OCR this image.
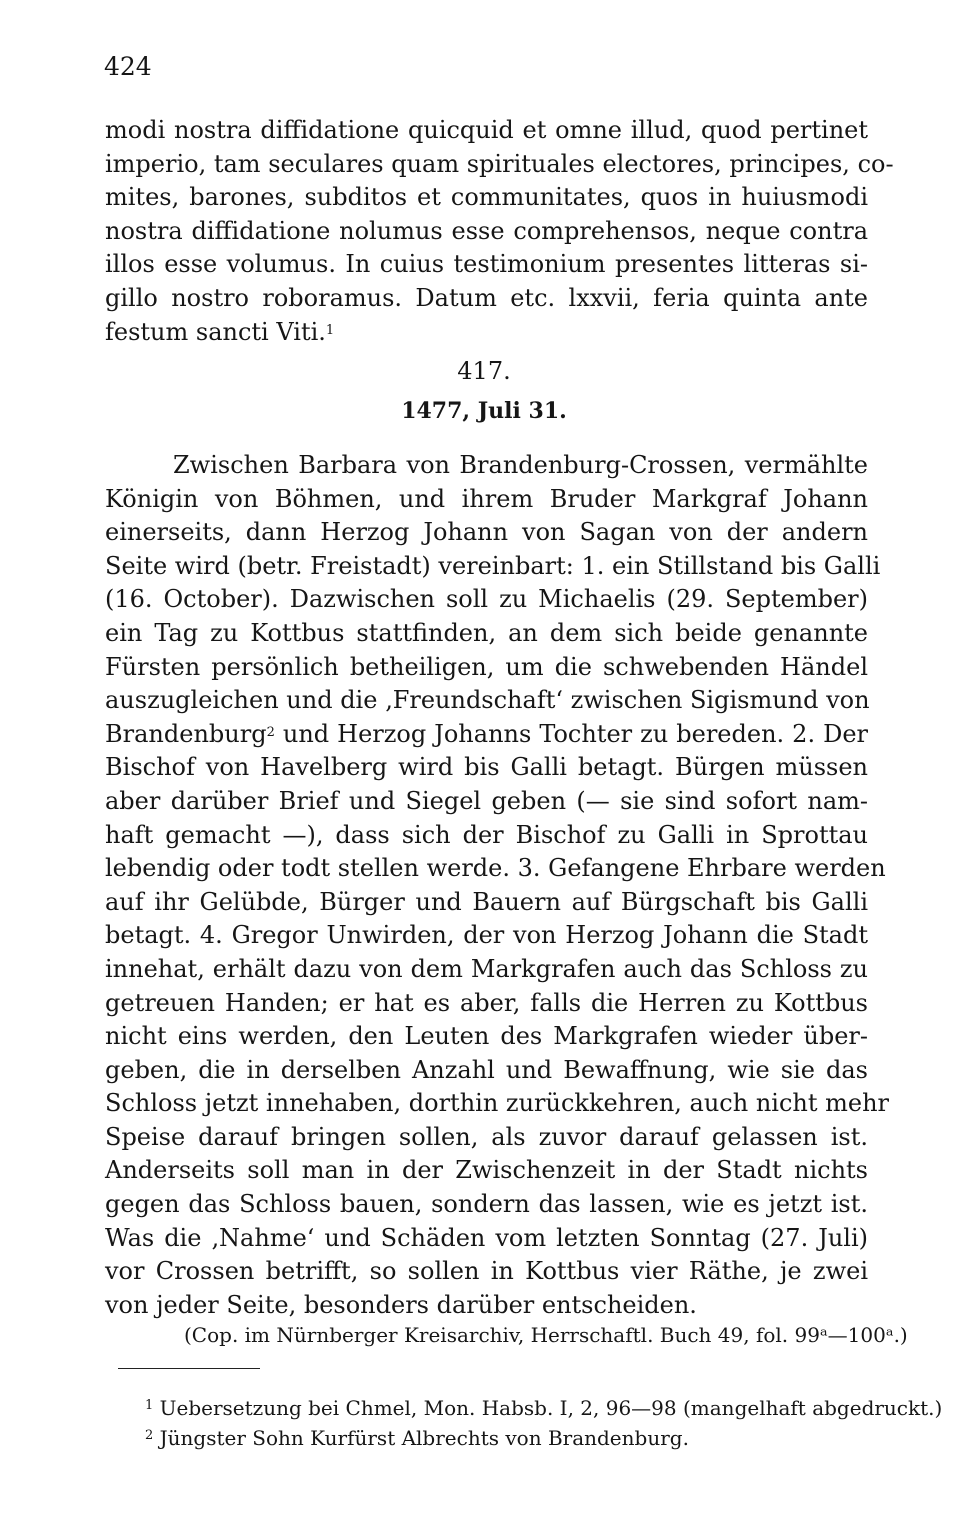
424
modi nostra diffidatione quicquid et omne illud, quod pertinet
imperio, tam seculares quam spirituales electores, principes, co-
mites, barones, subditos et communitates, quos in huiusmodi
nostra diffidatione nolumus esse comprehensos, neque contra
illos esse volumus. In cuius testimonium presentes litteras si-
gillo nostro roboramus. Datum etc. lxxvii, feria quinta ante
festum sancti Viti.$^1$
417.
1477, Juli 31.
Zwischen Barbara von Brandenburg-Crossen, vermählte
Königin von Böhmen, und ihrem Bruder Markgraf Johann
einerseits, dann Herzog Johann von Sagan von der andern
Seite wird (betr. Freistadt) vereinbart: 1. ein Stillstand bis Galli
(16. October). Dazwischen soll zu Michaelis (29. September)
ein Tag zu Kottbus stattfinden, an dem sich beide genannte
Fürsten persönlich betheiligen, um die schwebenden Händel
auszugleichen und die ‚Freundschaft‘ zwischen Sigismund von
Brandenburg$^2$ und Herzog Johanns Tochter zu bereden. 2. Der
Bischof von Havelberg wird bis Galli betagt. Bürgen müssen
aber darüber Brief und Siegel geben (— sie sind sofort nam-
haft gemacht —), dass sich der Bischof zu Galli in Sprottau
lebendig oder todt stellen werde. 3. Gefangene Ehrbare werden
auf ihr Gelübde, Bürger und Bauern auf Bürgschaft bis Galli
betagt. 4. Gregor Unwirden, der von Herzog Johann die Stadt
innehat, erhält dazu von dem Markgrafen auch das Schloss zu
getreuen Handen; er hat es aber, falls die Herren zu Kottbus
nicht eins werden, den Leuten des Markgrafen wieder über-
geben, die in derselben Anzahl und Bewaffnung, wie sie das
Schloss jetzt innehaben, dorthin zurückkehren, auch nicht mehr
Speise darauf bringen sollen, als zuvor darauf gelassen ist.
Anderseits soll man in der Zwischenzeit in der Stadt nichts
gegen das Schloss bauen, sondern das lassen, wie es jetzt ist.
Was die ‚Nahme‘ und Schäden vom letzten Sonntag (27. Juli)
vor Crossen betrifft, so sollen in Kottbus vier Räthe, je zwei
von jeder Seite, besonders darüber entscheiden.
(Cop. im Nürnberger Kreisarchiv, Herrschaftl. Buch 49, fol. 99ᵃ—100ᵃ.)
$^1$ Uebersetzung bei Chmel, Mon. Habsb. I, 2, 96—98 (mangelhaft abgedruckt.)
$^2$ Jüngster Sohn Kurfürst Albrechts von Brandenburg.
